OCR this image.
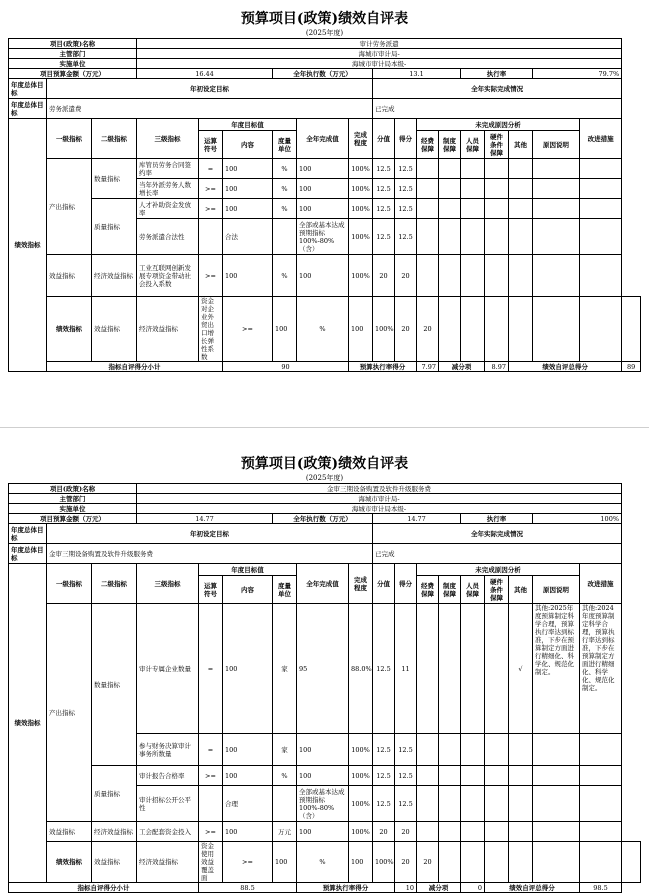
预算项目(政策)绩效自评表
(2025年度)
项目(政策)名称			审计劳务派遣															
主管部门			海城市审计局-															
实施单位			海城市审计局本级-															
项目预算金额（万元）			16.44			全年执行数（万元）			13.1				执行率			79.7%		
年度总体目标	年初设定目标								全年实际完成情况									
年度总体目标	劳务派遣费								已完成									
绩效指标	一级指标	二级指标	三级指标	年度目标值			全年完成值	完成程度	分值	得分	未完成原因分析						改进措施	
				运算符号	内容	度量单位					经费保障	制度保障	人员保障	硬件条件保障	其他	原因说明		
	产出指标	数量指标	库管员劳务合同签约率	=	100	%	100	100%	12.5	12.5								
			当年外派劳务人数增长率	>=	100	%	100	100%	12.5	12.5								
		质量指标	人才补助资金发放率	>=	100	%	100	100%	12.5	12.5								
			劳务派遣合法性		合法		全部或基本达成预期指标100%-80%（含）	100%	12.5	12.5								
	效益指标	经济效益指标	工业互联网创新发展专项资金带动社会投入系数	>=	100	%	100	100%	20	20								
	绩效指标	效益指标	经济效益指标	资金对企业外贸出口增长弹性系数	>=	100	%	100	100%	20	20							
	指标自评得分小计				90			预算执行率得分			7.97	减分项		8.97	绩效自评总得分			89
预算项目(政策)绩效自评表
(2025年度)
项目(政策)名称			金审三期设备购置及软件升级服务费															
主管部门			海城市审计局-															
实施单位			海城市审计局本级-															
项目预算金额（万元）			14.77			全年执行数（万元）			14.77				执行率			100%		
年度总体目标	年初设定目标								全年实际完成情况									
年度总体目标	金审三期设备购置及软件升级服务费								已完成									
绩效指标	一级指标	二级指标	三级指标	年度目标值			全年完成值	完成程度	分值	得分	未完成原因分析						改进措施	
				运算符号	内容	度量单位					经费保障	制度保障	人员保障	硬件条件保障	其他	原因说明		
	产出指标	数量指标	审计专属企业数量	=	100	家	95	88.0%	12.5	11					√	其他:2025年度预算制定科学合理，预算执行率达到标准，下步在预算制定方面进行精细化、科学化、规范化制定。	其他:2024年度预算制定科学合理，预算执行率达到标准，下步在预算制定方面进行精细化、科学化、规范化制定。	
			参与财务决算审计事务所数量	=	100	家	100	100%	12.5	12.5								
		质量指标	审计报告合格率	>=	100	%	100	100%	12.5	12.5								
			审计招标公开公平性		合理		全部或基本达成预期指标100%-80%（含）	100%	12.5	12.5								
	效益指标	经济效益指标	工会配套资金投入	>=	100	万元	100	100%	20	20								
	绩效指标	效益指标	经济效益指标	资金使用效益覆盖面	>=	100	%	100	100%	20	20							
指标自评得分小计				88.5			预算执行率得分			10	减分项		0	绩效自评总得分			98.5	
